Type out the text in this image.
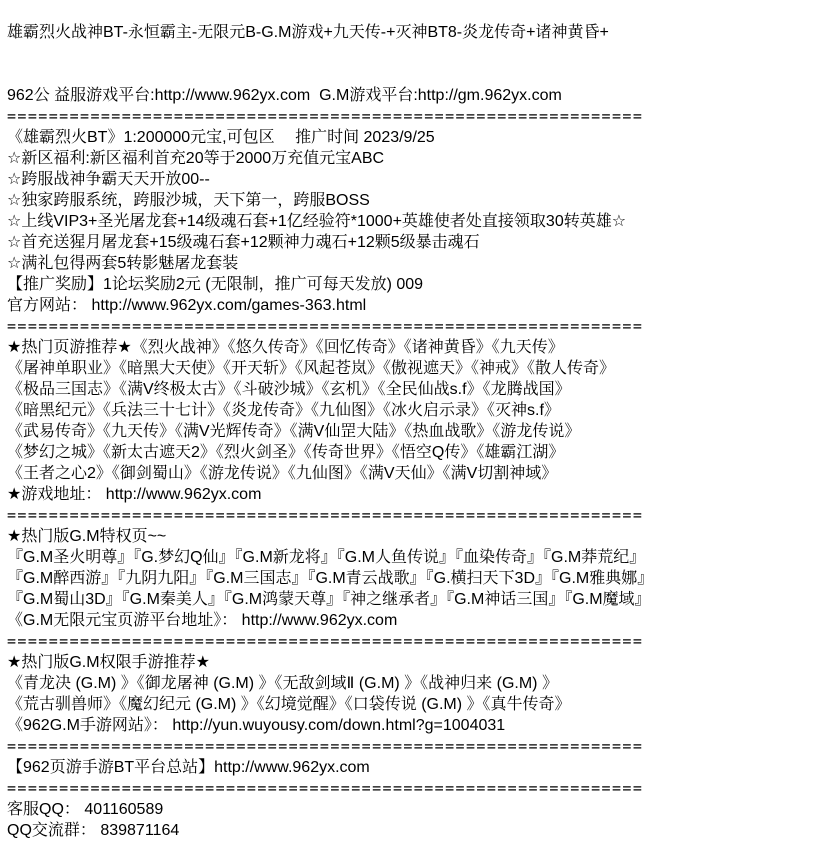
雄霸烈火战神BT-永恒霸主-无限元B-G.M游戏+九天传-+灭神BT8-炎龙传奇+诸神黄昏+
962公 益服游戏平台:http://www.962yx.com  G.M游戏平台:http://gm.962yx.com
=============================================================
《雄霸烈火BT》1:200000元宝,可包区　 推广时间 2023/9/25
☆新区福利:新区福利首充20等于2000万充值元宝ABC
☆跨服战神争霸天天开放00--
☆独家跨服系统，跨服沙城，天下第一，跨服BOSS
☆上线VIP3+圣光屠龙套+14级魂石套+1亿经验符*1000+英雄使者处直接领取30转英雄☆
☆首充送猩月屠龙套+15级魂石套+12颗神力魂石+12颗5级暴击魂石
☆满礼包得两套5转影魅屠龙套装
【推广奖励】1论坛奖励2元 (无限制，推广可每天发放) 009
官方网站： http://www.962yx.com/games-363.html
=============================================================
★热门页游推荐★《烈火战神》《悠久传奇》《回忆传奇》《诸神黄昏》《九天传》
《屠神单职业》《暗黑大天使》《开天斩》《风起苍岚》《傲视遮天》《神戒》《散人传奇》
《极品三国志》《满V终极太古》《斗破沙城》《玄机》《全民仙战s.f》《龙腾战国》
《暗黑纪元》《兵法三十七计》《炎龙传奇》《九仙图》《冰火启示录》《灭神s.f》
《武易传奇》《九天传》《满V光辉传奇》《满V仙罡大陆》《热血战歌》《游龙传说》
《梦幻之城》《新太古遮天2》《烈火剑圣》《传奇世界》《悟空Q传》《雄霸江湖》
《王者之心2》《御剑蜀山》《游龙传说》《九仙图》《满V天仙》《满V切割神域》
★游戏地址： http://www.962yx.com
=============================================================
★热门版G.M特权页~~
『G.M圣火明尊』『G.梦幻Q仙』『G.M新龙将』『G.M人鱼传说』『血染传奇』『G.M莽荒纪』
『G.M醉西游』『九阴九阳』『G.M三国志』『G.M青云战歌』『G.横扫天下3D』『G.M雅典娜』
『G.M蜀山3D』『G.M秦美人』『G.M鸿蒙天尊』『神之继承者』『G.M神话三国』『G.M魔域』
《G.M无限元宝页游平台地址》： http://www.962yx.com
=============================================================
★热门版G.M权限手游推荐★
《青龙决 (G.M) 》《御龙屠神 (G.M) 》《无敌剑域Ⅱ (G.M) 》《战神归来 (G.M) 》
《荒古驯兽师》《魔幻纪元 (G.M) 》《幻境觉醒》《口袋传说 (G.M) 》《真牛传奇》
《962G.M手游网站》： http://yun.wuyousy.com/down.html?g=1004031
=============================================================
【962页游手游BT平台总站】http://www.962yx.com
=============================================================
客服QQ： 401160589
QQ交流群： 839871164
